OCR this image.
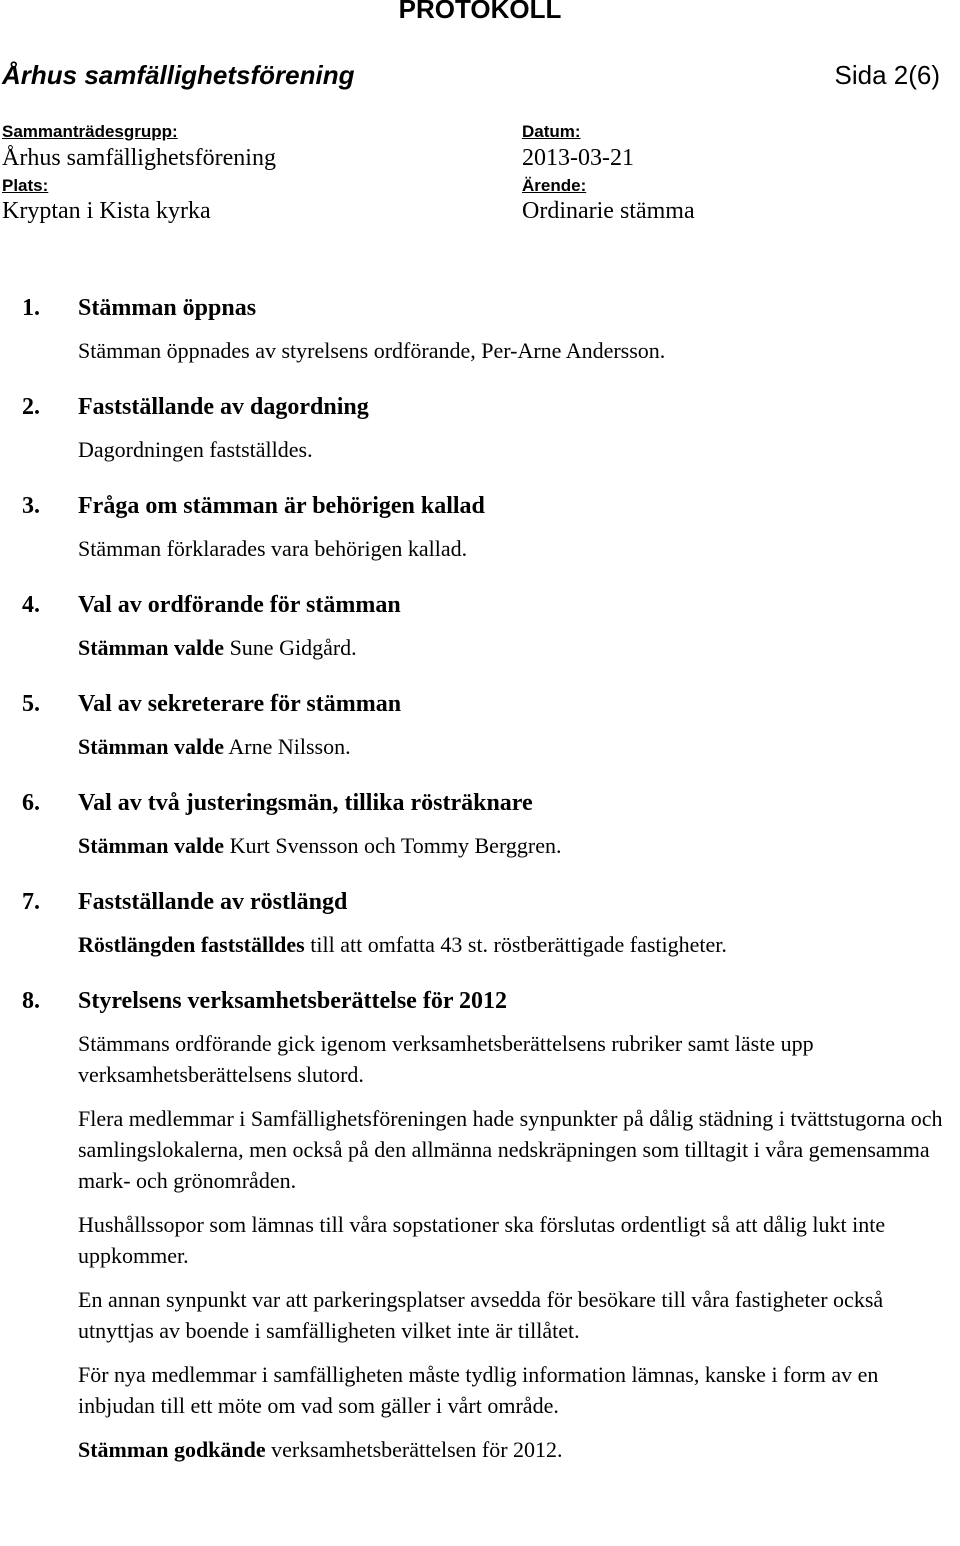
PROTOKOLL
Århus samfällighetsförening	Sida 2(6)
Sammanträdesgrupp:
Århus samfällighetsförening
Datum:
2013-03-21
Plats:
Kryptan i Kista kyrka
Ärende:
Ordinarie stämma
1. Stämman öppnas

Stämman öppnades av styrelsens ordförande, Per-Arne Andersson.

2. Fastställande av dagordning

Dagordningen fastställdes.

3. Fråga om stämman är behörigen kallad

Stämman förklarades vara behörigen kallad.

4. Val av ordförande för stämman

Stämman valde Sune Gidgård.

5. Val av sekreterare för stämman

Stämman valde Arne Nilsson.

6. Val av två justeringsmän, tillika rösträknare

Stämman valde Kurt Svensson och Tommy Berggren.

7. Fastställande av röstlängd

Röstlängden fastställdes till att omfatta 43 st. röstberättigade fastigheter.

8. Styrelsens verksamhetsberättelse för 2012

Stämmans ordförande gick igenom verksamhetsberättelsens rubriker samt läste upp verksamhetsberättelsens slutord.

Flera medlemmar i Samfällighetsföreningen hade synpunkter på dålig städning i tvättstugorna och samlingslokalerna, men också på den allmänna nedskräpningen som tilltagit i våra gemensamma mark- och grönområden.

Hushållssopor som lämnas till våra sopstationer ska förslutas ordentligt så att dålig lukt inte uppkommer.

En annan synpunkt var att parkeringsplatser avsedda för besökare till våra fastigheter också utnyttjas av boende i samfälligheten vilket inte är tillåtet.

För nya medlemmar i samfälligheten måste tydlig information lämnas, kanske i form av en inbjudan till ett möte om vad som gäller i vårt område.

Stämman godkände verksamhetsberättelsen för 2012.
